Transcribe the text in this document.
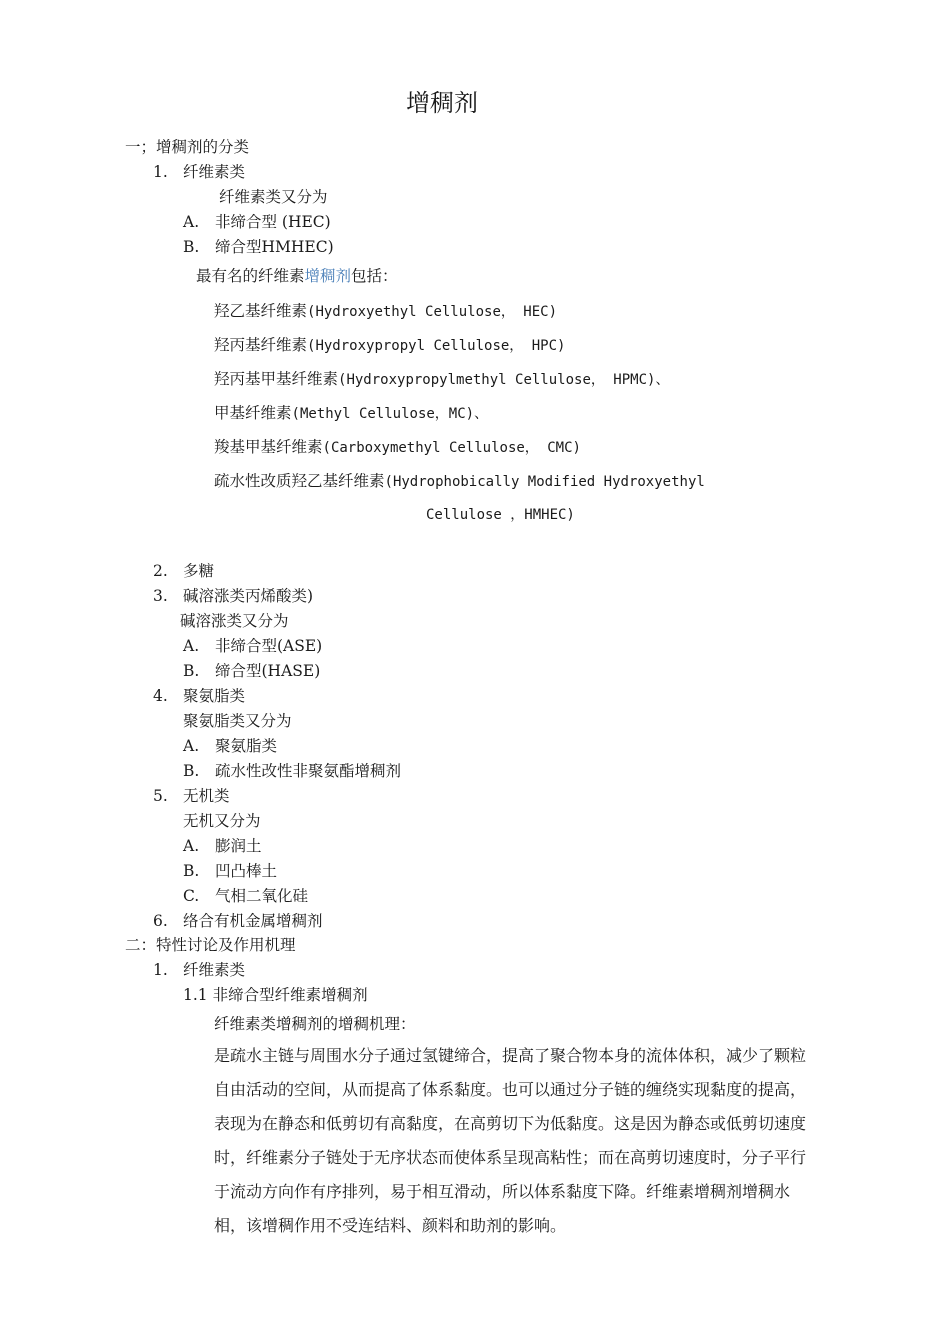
增稠剂
一；增稠剂的分类
1. 纤维素类
纤维素类又分为
A. 非缔合型 (HEC)
B. 缔合型HMHEC)
最有名的纤维素增稠剂包括：
羟乙基纤维素(Hydroxyethyl Cellulose， HEC)
羟丙基纤维素(Hydroxypropyl Cellulose， HPC)
羟丙基甲基纤维素(Hydroxypropylmethyl Cellulose， HPMC)、
甲基纤维素(Methyl Cellulose，MC)、
羧基甲基纤维素(Carboxymethyl Cellulose， CMC)
疏水性改质羟乙基纤维素(Hydrophobically Modified Hydroxyethyl
Cellulose ，HMHEC)
2. 多糖
3. 碱溶涨类丙烯酸类)
碱溶涨类又分为
A. 非缔合型(ASE)
B. 缔合型(HASE)
4. 聚氨脂类
聚氨脂类又分为
A. 聚氨脂类
B. 疏水性改性非聚氨酯增稠剂
5. 无机类
无机又分为
A. 膨润土
B. 凹凸棒土
C. 气相二氧化硅
6. 络合有机金属增稠剂
二：特性讨论及作用机理
1. 纤维素类
1.1 非缔合型纤维素增稠剂
纤维素类增稠剂的增稠机理：
是疏水主链与周围水分子通过氢键缔合，提高了聚合物本身的流体体积，减少了颗粒
自由活动的空间，从而提高了体系黏度。也可以通过分子链的缠绕实现黏度的提高，
表现为在静态和低剪切有高黏度，在高剪切下为低黏度。这是因为静态或低剪切速度
时，纤维素分子链处于无序状态而使体系呈现高粘性；而在高剪切速度时，分子平行
于流动方向作有序排列，易于相互滑动，所以体系黏度下降。纤维素增稠剂增稠水
相，该增稠作用不受连结料、颜料和助剂的影响。
